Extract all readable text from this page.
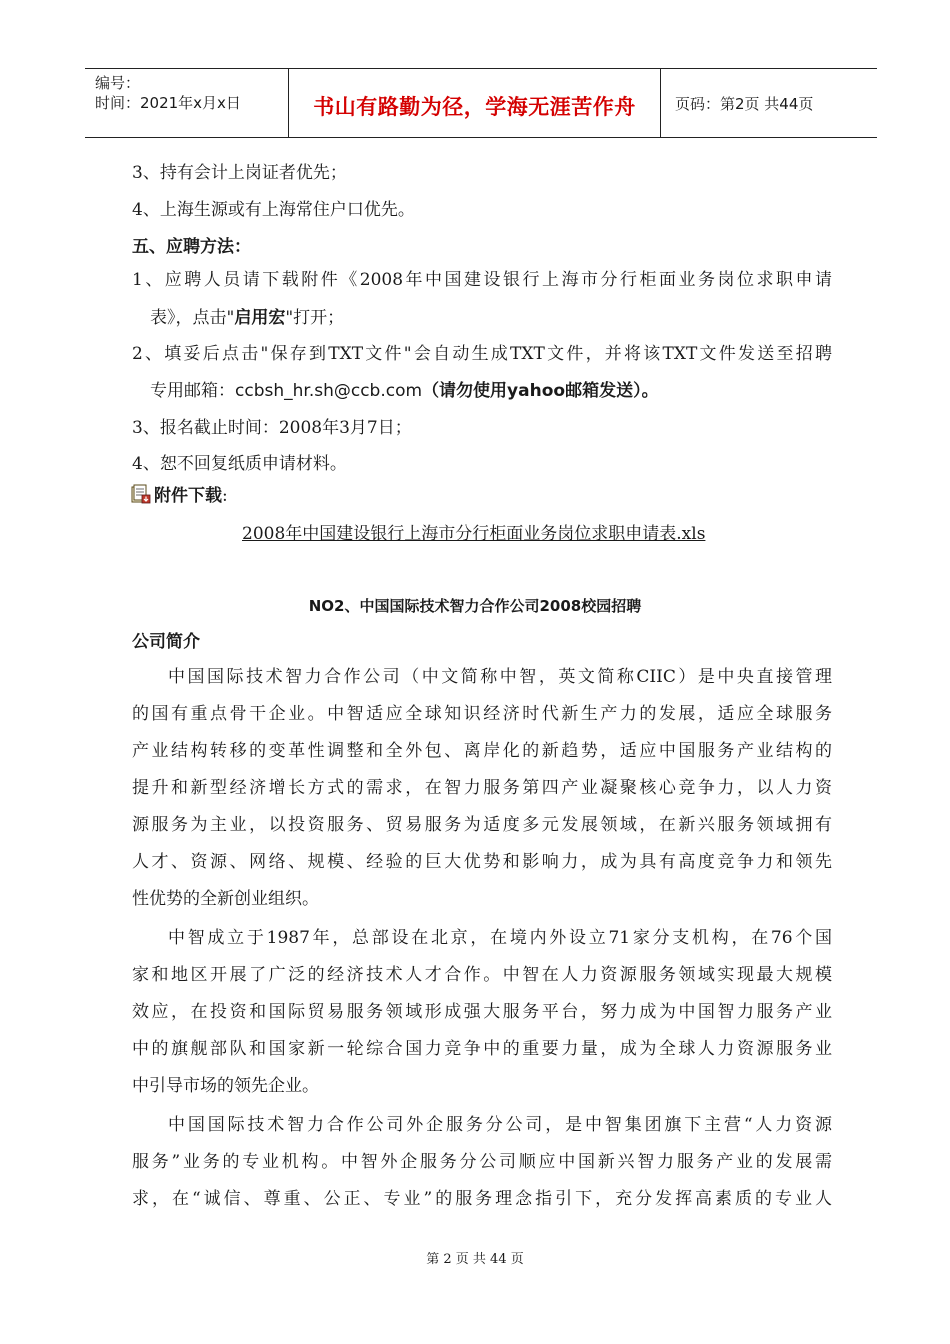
编号：
时间：2021年x月x日	书山有路勤为径，学海无涯苦作舟	页码：第2页 共44页
3、持有会计上岗证者优先；
4、上海生源或有上海常住户口优先。
五、应聘方法：
1、应聘人员请下载附件《2008年中国建设银行上海市分行柜面业务岗位求职申请
表》，点击"启用宏"打开；
2、填妥后点击"保存到TXT文件"会自动生成TXT文件，并将该TXT文件发送至招聘
专用邮箱：ccbsh_hr.sh@ccb.com（请勿使用yahoo邮箱发送）。
3、报名截止时间：2008年3月7日；
4、恕不回复纸质申请材料。
附件下载:
2008年中国建设银行上海市分行柜面业务岗位求职申请表.xls
NO2、中国国际技术智力合作公司2008校园招聘
公司简介
中国国际技术智力合作公司（中文简称中智，英文简称CIIC）是中央直接管理
的国有重点骨干企业。中智适应全球知识经济时代新生产力的发展，适应全球服务
产业结构转移的变革性调整和全外包、离岸化的新趋势，适应中国服务产业结构的
提升和新型经济增长方式的需求，在智力服务第四产业凝聚核心竞争力，以人力资
源服务为主业，以投资服务、贸易服务为适度多元发展领域，在新兴服务领域拥有
人才、资源、网络、规模、经验的巨大优势和影响力，成为具有高度竞争力和领先
性优势的全新创业组织。
中智成立于1987年，总部设在北京，在境内外设立71家分支机构，在76个国
家和地区开展了广泛的经济技术人才合作。中智在人力资源服务领域实现最大规模
效应，在投资和国际贸易服务领域形成强大服务平台，努力成为中国智力服务产业
中的旗舰部队和国家新一轮综合国力竞争中的重要力量，成为全球人力资源服务业
中引导市场的领先企业。
中国国际技术智力合作公司外企服务分公司，是中智集团旗下主营“人力资源
服务”业务的专业机构。中智外企服务分公司顺应中国新兴智力服务产业的发展需
求，在“诚信、尊重、公正、专业”的服务理念指引下，充分发挥高素质的专业人
第 2 页 共 44 页
